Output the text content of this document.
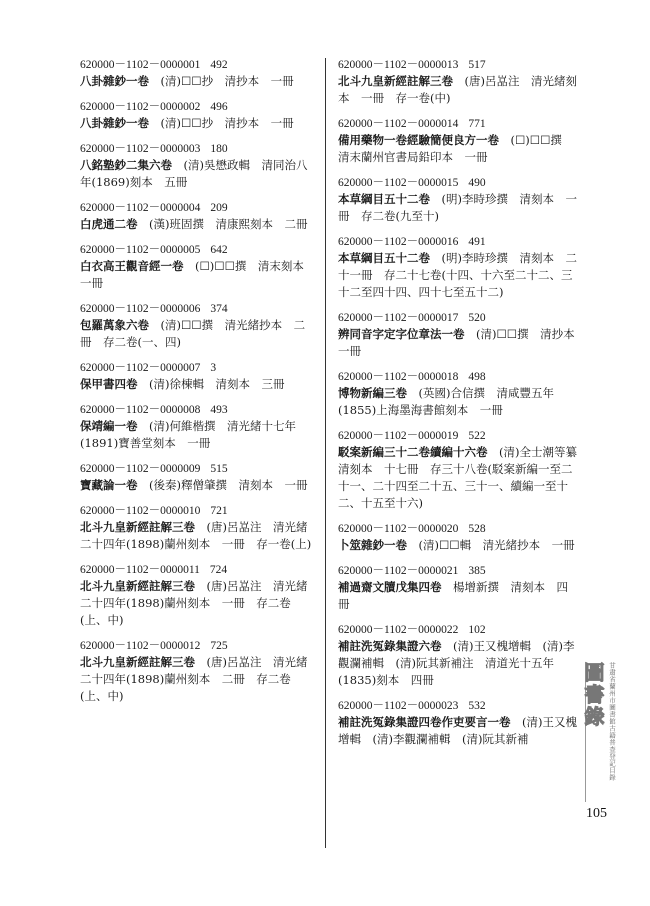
620000－1102－0000001 492
八卦雜鈔一卷　 (清)☐☐抄　清抄本　一冊
620000－1102－0000002 496
八卦雜鈔一卷　 (清)☐☐抄　清抄本　一冊
620000－1102－0000003 180
八銘塾鈔二集六卷　 (清)吳懋政輯　清同治八年(1869)刻本　五冊
620000－1102－0000004 209
白虎通二卷　 (漢)班固撰　清康熙刻本　二冊
620000－1102－0000005 642
白衣高王觀音經一卷　 (☐)☐☐撰　清末刻本　一冊
620000－1102－0000006 374
包羅萬象六卷　 (清)☐☐撰　清光緒抄本　二冊　存二卷(一、四)
620000－1102－0000007 3
保甲書四卷　 (清)徐棟輯　清刻本　三冊
620000－1102－0000008 493
保靖編一卷　 (清)何維楷撰　清光緒十七年(1891)寶善堂刻本　一冊
620000－1102－0000009 515
寶藏論一卷　 (後秦)釋僧肇撰　清刻本　一冊
620000－1102－0000010 721
北斗九皇新經註解三卷　 (唐)呂嵓注　清光緒二十四年(1898)蘭州刻本　一冊　存一卷(上)
620000－1102－0000011 724
北斗九皇新經註解三卷　 (唐)呂嵓注　清光緒二十四年(1898)蘭州刻本　一冊　存二卷(上、中)
620000－1102－0000012 725
北斗九皇新經註解三卷　 (唐)呂嵓注　清光緒二十四年(1898)蘭州刻本　二冊　存二卷(上、中)
620000－1102－0000013 517
北斗九皇新經註解三卷　 (唐)呂嵓注　清光緒刻本　一冊　存一卷(中)
620000－1102－0000014 771
備用藥物一卷經驗簡便良方一卷　 (☐)☐☐撰　清末蘭州官書局鉛印本　一冊
620000－1102－0000015 490
本草綱目五十二卷　 (明)李時珍撰　清刻本　一冊　存二卷(九至十)
620000－1102－0000016 491
本草綱目五十二卷　 (明)李時珍撰　清刻本　二十一冊　存二十七卷(十四、十六至二十二、三十二至四十四、四十七至五十二)
620000－1102－0000017 520
辨同音字定字位章法一卷　 (清)☐☐撰　清抄本　一冊
620000－1102－0000018 498
博物新編三卷　 (英國)合信撰　清咸豐五年(1855)上海墨海書館刻本　一冊
620000－1102－0000019 522
駁案新編三十二卷續編十六卷　 (清)全士潮等纂　清刻本　十七冊　存三十八卷(駁案新編一至二十一、二十四至二十五、三十一、續編一至十二、十五至十六)
620000－1102－0000020 528
卜筮雜鈔一卷　 (清)☐☐輯　清光緒抄本　一冊
620000－1102－0000021 385
補過齋文牘戊集四卷　 楊增新撰　清刻本　四冊
620000－1102－0000022 102
補註洗冤錄集證六卷　 (清)王又槐增輯　(清)李觀瀾補輯　(清)阮其新補注　清道光十五年(1835)刻本　四冊
620000－1102－0000023 532
補註洗冤錄集證四卷作吏要言一卷　 (清)王又槐增輯　(清)李觀瀾補輯　(清)阮其新補
圖書錄 甘肅省蘭州市圖書館古籍普查登記目錄
105
